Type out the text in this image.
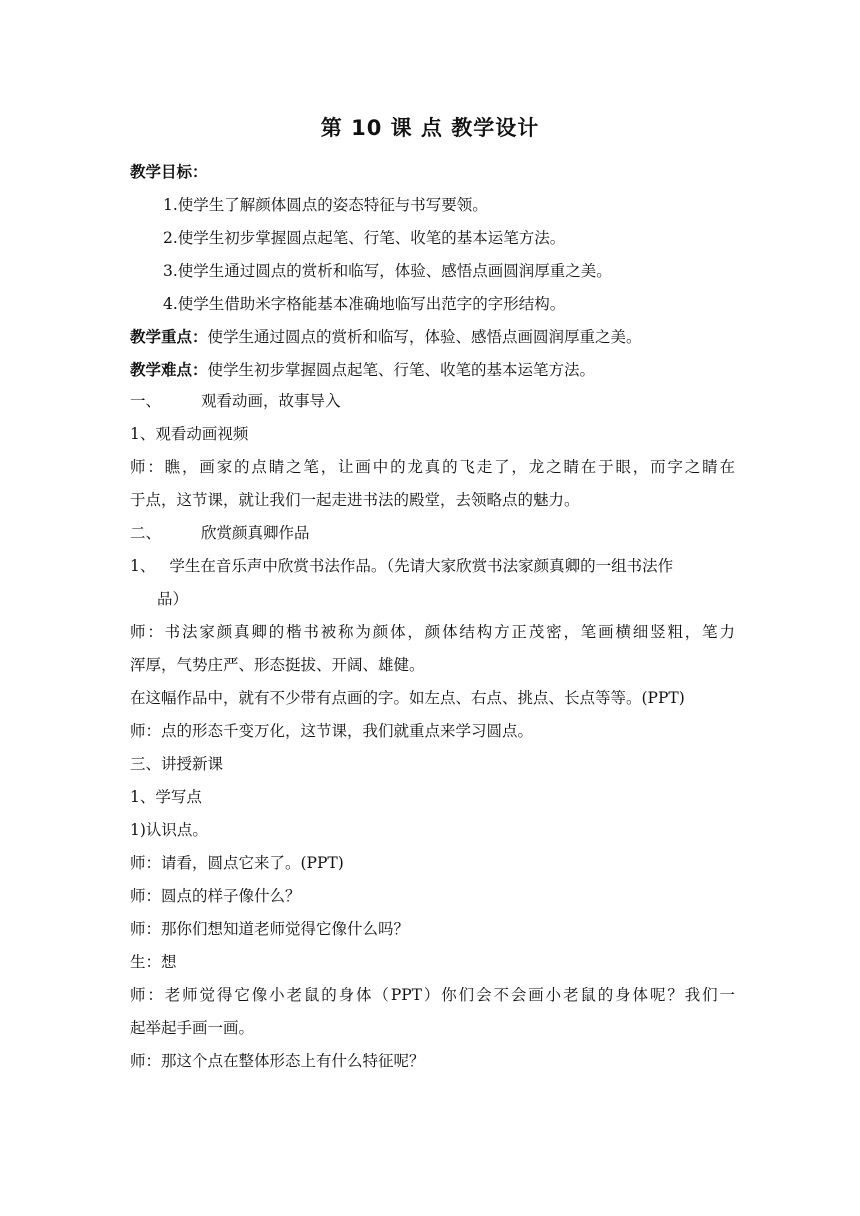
第 10 课 点 教学设计
教学目标：
1.使学生了解颜体圆点的姿态特征与书写要领。
2.使学生初步掌握圆点起笔、行笔、收笔的基本运笔方法。
3.使学生通过圆点的赏析和临写，体验、感悟点画圆润厚重之美。
4.使学生借助米字格能基本准确地临写出范字的字形结构。
教学重点：使学生通过圆点的赏析和临写，体验、感悟点画圆润厚重之美。
教学难点：使学生初步掌握圆点起笔、行笔、收笔的基本运笔方法。
一、	观看动画，故事导入
1、观看动画视频
师：瞧，画家的点睛之笔，让画中的龙真的飞走了，龙之睛在于眼，而字之睛在
于点，这节课，就让我们一起走进书法的殿堂，去领略点的魅力。
二、	欣赏颜真卿作品
1、 学生在音乐声中欣赏书法作品。（先请大家欣赏书法家颜真卿的一组书法作
品）
师：书法家颜真卿的楷书被称为颜体，颜体结构方正茂密，笔画横细竖粗，笔力
浑厚，气势庄严、形态挺拔、开阔、雄健。
在这幅作品中，就有不少带有点画的字。如左点、右点、挑点、长点等等。(PPT)
师：点的形态千变万化，这节课，我们就重点来学习圆点。
三、讲授新课
1、学写点
1)认识点。
师：请看，圆点它来了。(PPT)
师：圆点的样子像什么？
师：那你们想知道老师觉得它像什么吗？
生：想
师：老师觉得它像小老鼠的身体（PPT）你们会不会画小老鼠的身体呢？我们一
起举起手画一画。
师：那这个点在整体形态上有什么特征呢？
